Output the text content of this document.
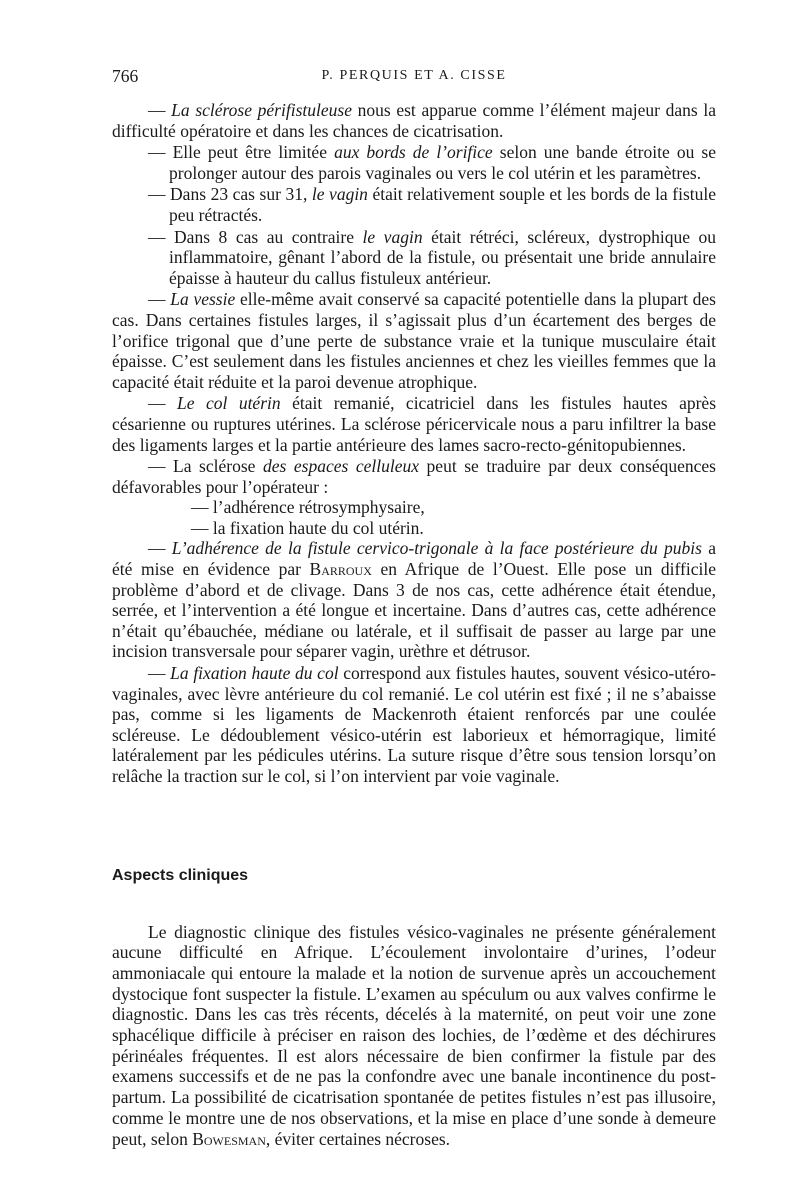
766	P. PERQUIS ET A. CISSE

— La sclérose périfistuleuse nous est apparue comme l’élément majeur dans la difficulté opératoire et dans les chances de cicatrisation.

— Elle peut être limitée aux bords de l’orifice selon une bande étroite ou se prolonger autour des parois vaginales ou vers le col utérin et les paramètres.

— Dans 23 cas sur 31, le vagin était relativement souple et les bords de la fistule peu rétractés.

— Dans 8 cas au contraire le vagin était rétréci, scléreux, dystrophique ou inflammatoire, gênant l’abord de la fistule, ou présentait une bride annulaire épaisse à hauteur du callus fistuleux antérieur.

— La vessie elle-même avait conservé sa capacité potentielle dans la plupart des cas. Dans certaines fistules larges, il s’agissait plus d’un écartement des berges de l’orifice trigonal que d’une perte de substance vraie et la tunique musculaire était épaisse. C’est seulement dans les fistules anciennes et chez les vieilles femmes que la capacité était réduite et la paroi devenue atrophique.

— Le col utérin était remanié, cicatriciel dans les fistules hautes après césarienne ou ruptures utérines. La sclérose péricervicale nous a paru infiltrer la base des ligaments larges et la partie antérieure des lames sacro-recto-génitopubiennes.

— La sclérose des espaces celluleux peut se traduire par deux conséquences défavorables pour l’opérateur :

— l’adhérence rétrosymphysaire,

— la fixation haute du col utérin.

— L’adhérence de la fistule cervico-trigonale à la face postérieure du pubis a été mise en évidence par Barroux en Afrique de l’Ouest. Elle pose un difficile problème d’abord et de clivage. Dans 3 de nos cas, cette adhérence était étendue, serrée, et l’intervention a été longue et incertaine. Dans d’autres cas, cette adhérence n’était qu’ébauchée, médiane ou latérale, et il suffisait de passer au large par une incision transversale pour séparer vagin, urèthre et détrusor.

— La fixation haute du col correspond aux fistules hautes, souvent vésico-utéro-vaginales, avec lèvre antérieure du col remanié. Le col utérin est fixé ; il ne s’abaisse pas, comme si les ligaments de Mackenroth étaient renforcés par une coulée scléreuse. Le dédoublement vésico-utérin est laborieux et hémorragique, limité latéralement par les pédicules utérins. La suture risque d’être sous tension lorsqu’on relâche la traction sur le col, si l’on intervient par voie vaginale.

Aspects cliniques

Le diagnostic clinique des fistules vésico-vaginales ne présente généralement aucune difficulté en Afrique. L’écoulement involontaire d’urines, l’odeur ammoniacale qui entoure la malade et la notion de survenue après un accouchement dystocique font suspecter la fistule. L’examen au spéculum ou aux valves confirme le diagnostic. Dans les cas très récents, décelés à la maternité, on peut voir une zone sphacélique difficile à préciser en raison des lochies, de l’œdème et des déchirures périnéales fréquentes. Il est alors nécessaire de bien confirmer la fistule par des examens successifs et de ne pas la confondre avec une banale incontinence du post-partum. La possibilité de cicatrisation spontanée de petites fistules n’est pas illusoire, comme le montre une de nos observations, et la mise en place d’une sonde à demeure peut, selon Bowesman, éviter certaines nécroses.
